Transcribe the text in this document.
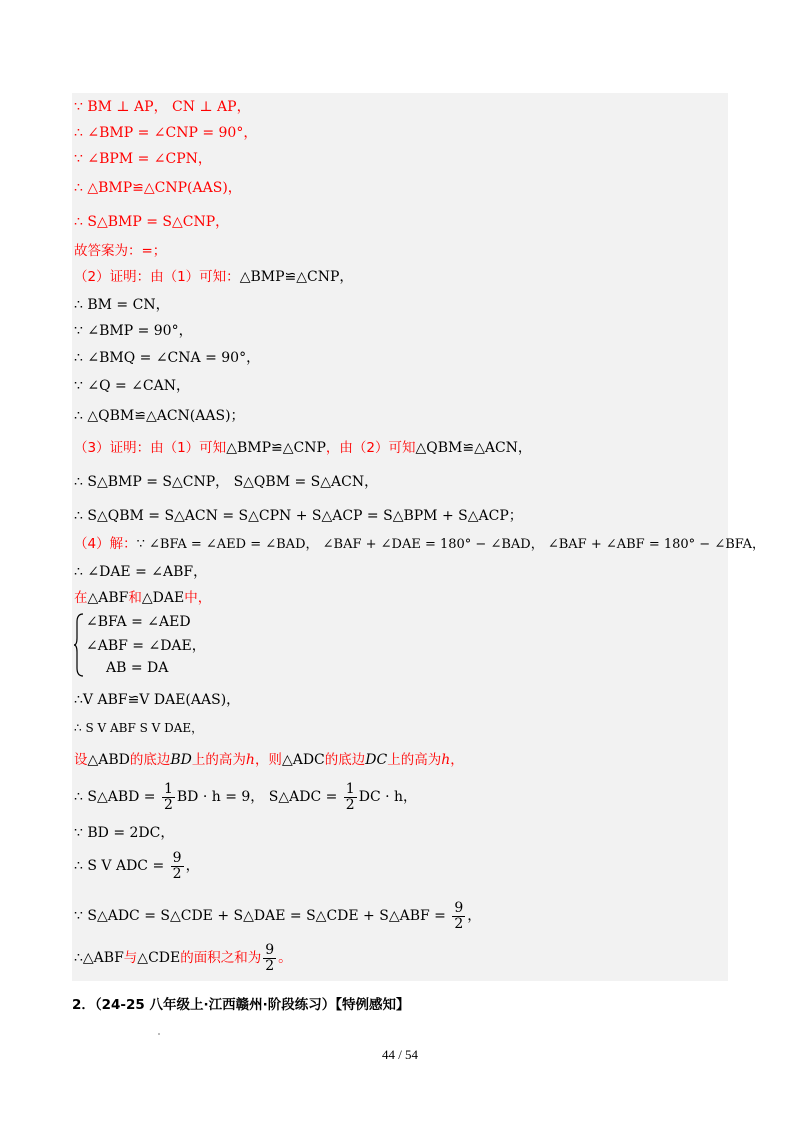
∵ BM ⊥ AP， CN ⊥ AP，
∴ ∠BMP = ∠CNP = 90°，
∵ ∠BPM = ∠CPN，
∴ △BMP≌△CNP(AAS)，
∴ S△BMP = S△CNP，
故答案为：=；
（2）证明：由（1）可知：△BMP≌△CNP，
∴ BM = CN，
∵ ∠BMP = 90°，
∴ ∠BMQ = ∠CNA = 90°，
∵ ∠Q = ∠CAN，
∴ △QBM≌△ACN(AAS)；
（3）证明：由（1）可知△BMP≌△CNP，由（2）可知△QBM≌△ACN，
∴ S△BMP = S△CNP， S△QBM = S△ACN，
∴ S△QBM = S△ACN = S△CPN + S△ACP = S△BPM + S△ACP；
（4）解：∵ ∠BFA = ∠AED = ∠BAD， ∠BAF + ∠DAE = 180° − ∠BAD， ∠BAF + ∠ABF = 180° − ∠BFA，
∴ ∠DAE = ∠ABF，
在△ABF和△DAE中，
∠BFA = ∠AED
∠ABF = ∠DAE，
AB = DA
∴V ABF≌V DAE(AAS)，
∴ S V ABF S V DAE，
设△ABD的底边BD上的高为h，则△ADC的底边DC上的高为h，
∴ S△ABD = $\frac{1}{2}$ BD · h = 9， S△ADC = $\frac{1}{2}$ DC · h，
∵ BD = 2DC，
∴ S V ADC = $\frac{9}{2}$ ，
∵ S△ADC = S△CDE + S△DAE = S△CDE + S△ABF = $\frac{9}{2}$ ，
∴△ABF与△CDE的面积之和为 $\frac{9}{2}$ 。
2．（24-25 八年级上·江西赣州·阶段练习）【特例感知】
44 / 54
